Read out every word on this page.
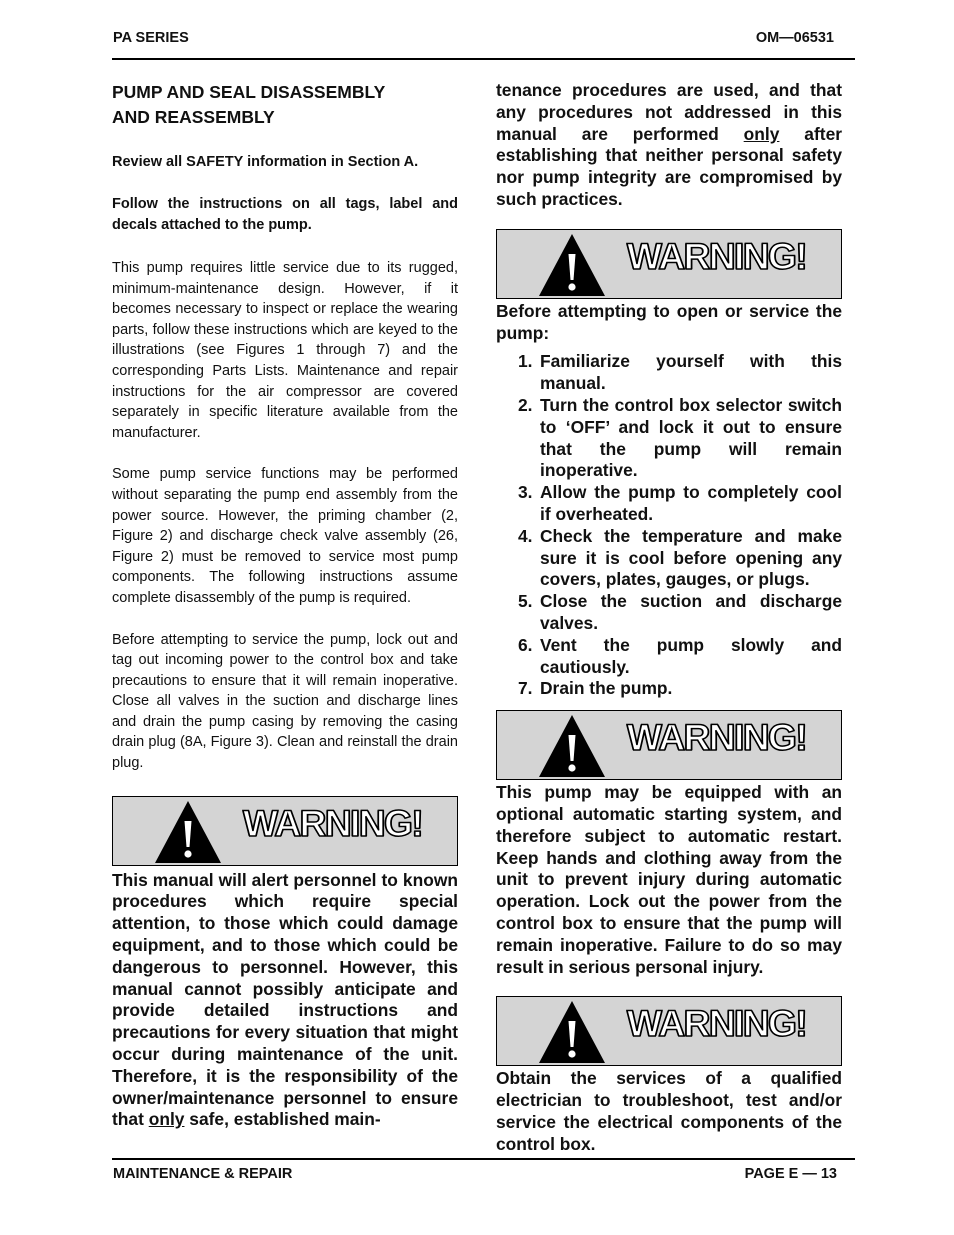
PA SERIES	OM—06531

PUMP AND SEAL DISASSEMBLY

AND REASSEMBLY

Review all SAFETY information in Section A.

Follow the instructions on all tags, label and decals attached to the pump.

This pump requires little service due to its rugged, minimum-maintenance design. However, if it becomes necessary to inspect or replace the wearing parts, follow these instructions which are keyed to the illustrations (see Figures 1 through 7) and the corresponding Parts Lists. Maintenance and repair instructions for the air compressor are covered separately in specific literature available from the manufacturer.

Some pump service functions may be performed without separating the pump end assembly from the power source. However, the priming chamber (2, Figure 2) and discharge check valve assembly (26, Figure 2) must be removed to service most pump components. The following instructions assume complete disassembly of the pump is required.

Before attempting to service the pump, lock out and tag out incoming power to the control box and take precautions to ensure that it will remain inoperative. Close all valves in the suction and discharge lines and drain the pump casing by removing the casing drain plug (8A, Figure 3). Clean and reinstall the drain plug.

WARNING!

This manual will alert personnel to known procedures which require special attention, to those which could damage equipment, and to those which could be dangerous to personnel. However, this manual cannot possibly anticipate and provide detailed instructions and precautions for every situation that might occur during maintenance of the unit. Therefore, it is the responsibility of the owner/maintenance personnel to ensure that only safe, established main-

tenance procedures are used, and that any procedures not addressed in this manual are performed only after establishing that neither personal safety nor pump integrity are compromised by such practices.

WARNING!

Before attempting to open or service the pump:

1. Familiarize yourself with this manual.
2. Turn the control box selector switch to ‘OFF’ and lock it out to ensure that the pump will remain inoperative.
3. Allow the pump to completely cool if overheated.
4. Check the temperature and make sure it is cool before opening any covers, plates, gauges, or plugs.
5. Close the suction and discharge valves.
6. Vent the pump slowly and cautiously.
7. Drain the pump.
WARNING!

This pump may be equipped with an optional automatic starting system, and therefore subject to automatic restart. Keep hands and clothing away from the unit to prevent injury during automatic operation. Lock out the power from the control box to ensure that the pump will remain inoperative. Failure to do so may result in serious personal injury.

WARNING!

Obtain the services of a qualified electrician to troubleshoot, test and/or service the electrical components of the control box.

MAINTENANCE & REPAIR	PAGE E — 13
